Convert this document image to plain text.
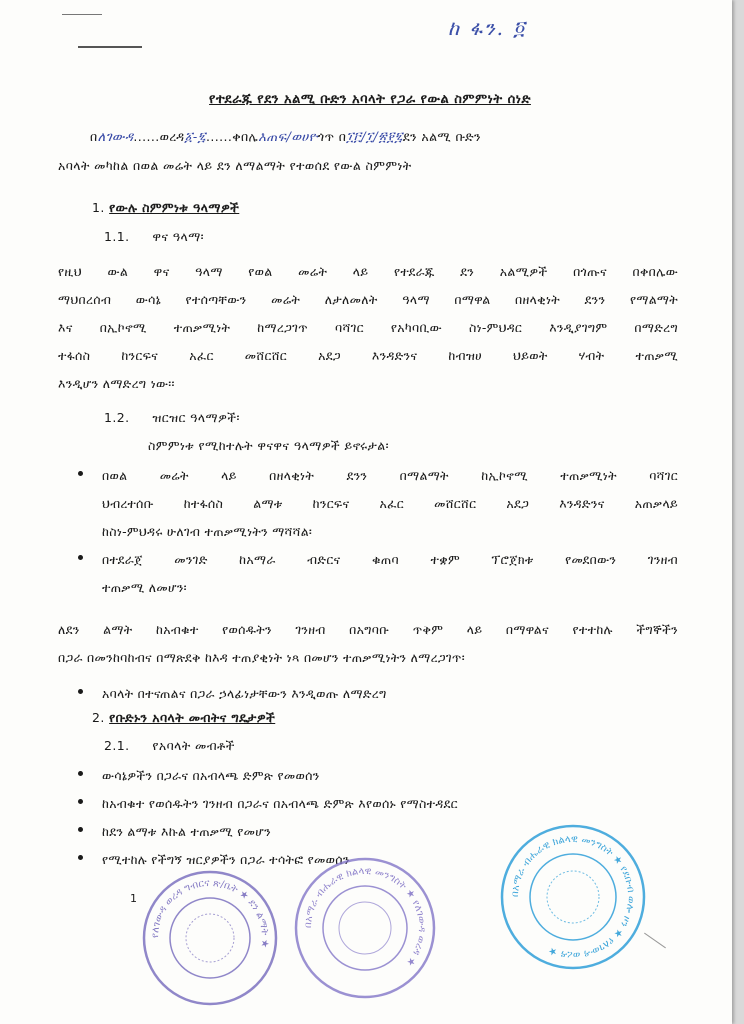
ከ ፋን. ፬
የተደራጁ የደን አልሚ ቡድን አባላት የጋራ የውል ስምምነት ሰነድ
በለገውዳ......ወረዳ፩-፯......ቀበሌእጠፍ/ወሀዮጎጥ በ፲፫/፲/፳፻፯ደን አልሚ ቡድን
አባላት መካከል በወል መሬት ላይ ደን ለማልማት የተወሰደ የውል ስምምነት
1. የውሉ ስምምነቱ ዓላማዎች
1.1. ዋና ዓላማ፡
የዚህ ውል ዋና ዓላማ የወል መሬት ላይ የተደራጁ ደን አልሚዎች በጎጡና በቀበሌው
ማህበረሰብ ውሳኔ የተሰጣቸውን መሬት ለታለመለት ዓላማ በማዋል በዘላቂነት ደንን የማልማት
እና በኢኮኖሚ ተጠቃሚነት ከማረጋገጥ ባሻገር የአካባቢው ስነ-ምህዳር እንዲያገግም በማድረግ
ተፋሰስ ከንርፍና አፈር መሸርሸር አደጋ እንዳድንና ከብዝሀ ህይወት ሃብት ተጠቃሚ
እንዲሆን ለማድረግ ነው፡፡
1.2. ዝርዝር ዓላማዎች፡
ስምምነቱ የሚከተሉት ዋናዋና ዓላማዎች ይኖሩታል፡
በወል መሬት ላይ በዘላቂነት ደንን በማልማት ከኢኮኖሚ ተጠቃሚነት ባሻገር
ህብረተሰቡ ከተፋሰስ ልማቱ ከንርፍና አፈር መሸርሸር አደጋ እንዳድንና አጠቃላይ
ከስነ-ምህዳሩ ሁለገብ ተጠቃሚነትን ማሻሻል፡
በተደራጀ መንገድ ከአማራ ብድርና ቁጠባ ተቋም ፕሮጀክቱ የመደበውን ገንዘብ
ተጠቃሚ ለመሆን፡
ለደን ልማት ከአብቁተ የወሰዱትን ገንዘብ በአግባቡ ጥቅም ላይ በማዋልና የተተከሉ ችግኞችን
በጋራ በመንከባከብና በማጽደቅ ከእዳ ተጠያቂነት ነጻ በመሆን ተጠቃሚነትን ለማረጋገጥ፡
አባላት በተናጠልና በጋራ ኃላፊነታቸውን እንዲወጡ ለማድረግ
2. የቡድኑን አባላት መብትና ግዴታዎች
2.1. የአባላት መብቶች
ውሳኔዎችን በጋራና በአብላጫ ድምጽ የመወሰን
ከአብቁተ የወሰዱትን ገንዘብ በጋራና በአብላጫ ድምጽ እየወሰኑ የማስተዳደር
ከደን ልማቱ እኩል ተጠቃሚ የመሆን
የሚተከሉ የችግኝ ዝርያዎችን በጋራ ተሳትፎ የመወሰን
1
የለገውዳ ወረዳ ግብርና ጽ/ቤት ★ ደን ልማት ★
በአማራ ብሔራዊ ክልላዊ መንግስት ★ የለገውዳ ወረዳ ★
በአማራ ብሔራዊ ክልላዊ መንግስት ★ የደቡብ ወሎ ዞን ★ የለገውዳ ወረዳ ★
